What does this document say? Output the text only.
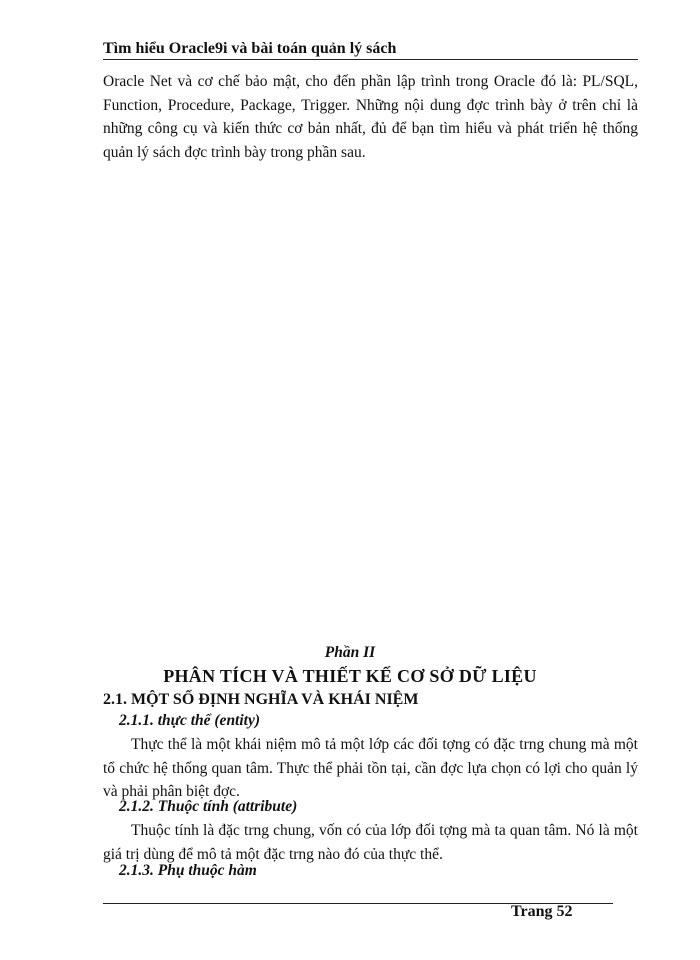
Tìm hiểu Oracle9i và bài toán quản lý sách

Oracle Net và cơ chế bảo mật, cho đến phần lập trình trong Oracle đó là: PL/SQL, Function, Procedure, Package, Trigger. Những nội dung đợc trình bày ở trên chỉ là những công cụ và kiến thức cơ bản nhất, đủ để bạn tìm hiểu và phát triển hệ thống quản lý sách đợc trình bày trong phần sau.

Phần II
PHÂN TÍCH VÀ THIẾT KẾ CƠ SỞ DỮ LIỆU
2.1. MỘT SỐ ĐỊNH NGHĨA VÀ KHÁI NIỆM
2.1.1. thực thể (entity)

Thực thể là một khái niệm mô tả một lớp các đối tợng có đặc trng chung mà một tổ chức hệ thống quan tâm. Thực thể phải tồn tại, cần đợc lựa chọn có lợi cho quản lý và phải phân biệt đợc.

2.1.2. Thuộc tính (attribute)

Thuộc tính là đặc trng chung, vốn có của lớp đối tợng mà ta quan tâm. Nó là một giá trị dùng để mô tả một đặc trng nào đó của thực thể.

2.1.3. Phụ thuộc hàm
Trang 52
